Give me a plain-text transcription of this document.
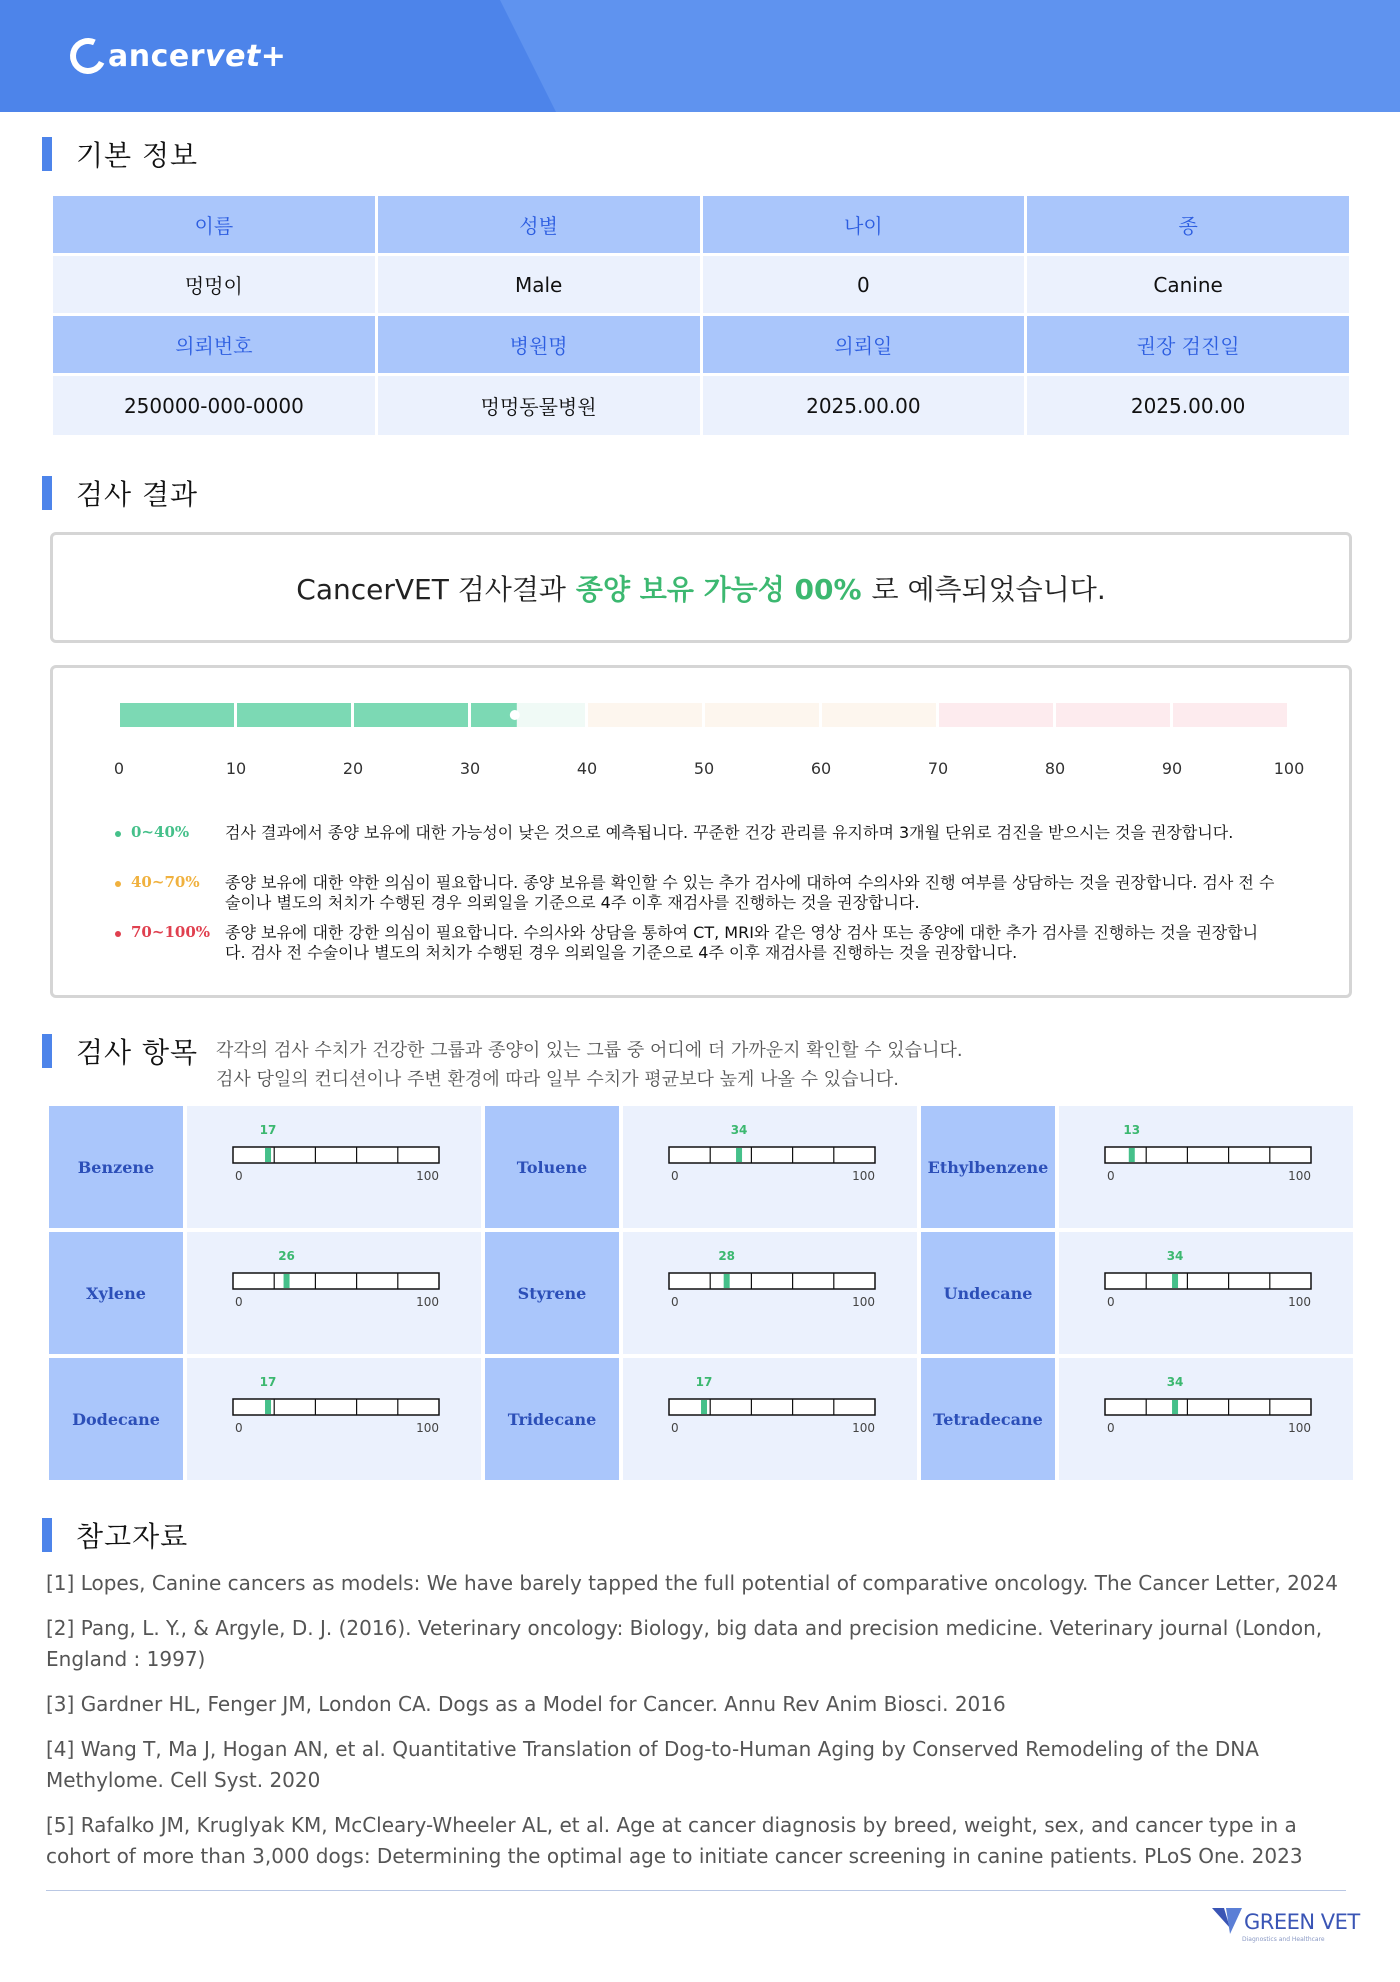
ancervet+
기본 정보
이름	성별	나이	종
멍멍이	Male	0	Canine
의뢰번호	병원명	의뢰일	권장 검진일
250000-000-0000	멍멍동물병원	2025.00.00	2025.00.00
검사 결과
CancerVET 검사결과 종양 보유 가능성 00% 로 예측되었습니다.
0	10	20	30	40	50	60	70	80	90	100
0~40%	검사 결과에서 종양 보유에 대한 가능성이 낮은 것으로 예측됩니다. 꾸준한 건강 관리를 유지하며 3개월 단위로 검진을 받으시는 것을 권장합니다.
40~70%	종양 보유에 대한 약한 의심이 필요합니다. 종양 보유를 확인할 수 있는 추가 검사에 대하여 수의사와 진행 여부를 상담하는 것을 권장합니다. 검사 전 수술이나 별도의 처치가 수행된 경우 의뢰일을 기준으로 4주 이후 재검사를 진행하는 것을 권장합니다.
70~100% 종양 보유에 대한 강한 의심이 필요합니다. 수의사와 상담을 통하여 CT, MRI와 같은 영상 검사 또는 종양에 대한 추가 검사를 진행하는 것을 권장합니다. 검사 전 수술이나 별도의 처치가 수행된 경우 의뢰일을 기준으로 4주 이후 재검사를 진행하는 것을 권장합니다.
검사 항목 각각의 검사 수치가 건강한 그룹과 종양이 있는 그룹 중 어디에 더 가까운지 확인할 수 있습니다.
검사 당일의 컨디션이나 주변 환경에 따라 일부 수치가 평균보다 높게 나올 수 있습니다.
Benzene
17
0	100	Toluene
34
0	100	Ethylbenzene
13
0	100
Xylene
26
0	100	Styrene
28
0	100	Undecane
34
0	100
Dodecane
17
0	100	Tridecane
17
0	100	Tetradecane
34
0	100
참고자료
[1] Lopes, Canine cancers as models: We have barely tapped the full potential of comparative oncology. The Cancer Letter, 2024
[2] Pang, L. Y., & Argyle, D. J. (2016). Veterinary oncology: Biology, big data and precision medicine. Veterinary journal (London, England : 1997)
[3] Gardner HL, Fenger JM, London CA. Dogs as a Model for Cancer. Annu Rev Anim Biosci. 2016
[4] Wang T, Ma J, Hogan AN, et al. Quantitative Translation of Dog-to-Human Aging by Conserved Remodeling of the DNA Methylome. Cell Syst. 2020
[5] Rafalko JM, Kruglyak KM, McCleary-Wheeler AL, et al. Age at cancer diagnosis by breed, weight, sex, and cancer type in a cohort of more than 3,000 dogs: Determining the optimal age to initiate cancer screening in canine patients. PLoS One. 2023
GREEN VET
Diagnostics and Healthcare
